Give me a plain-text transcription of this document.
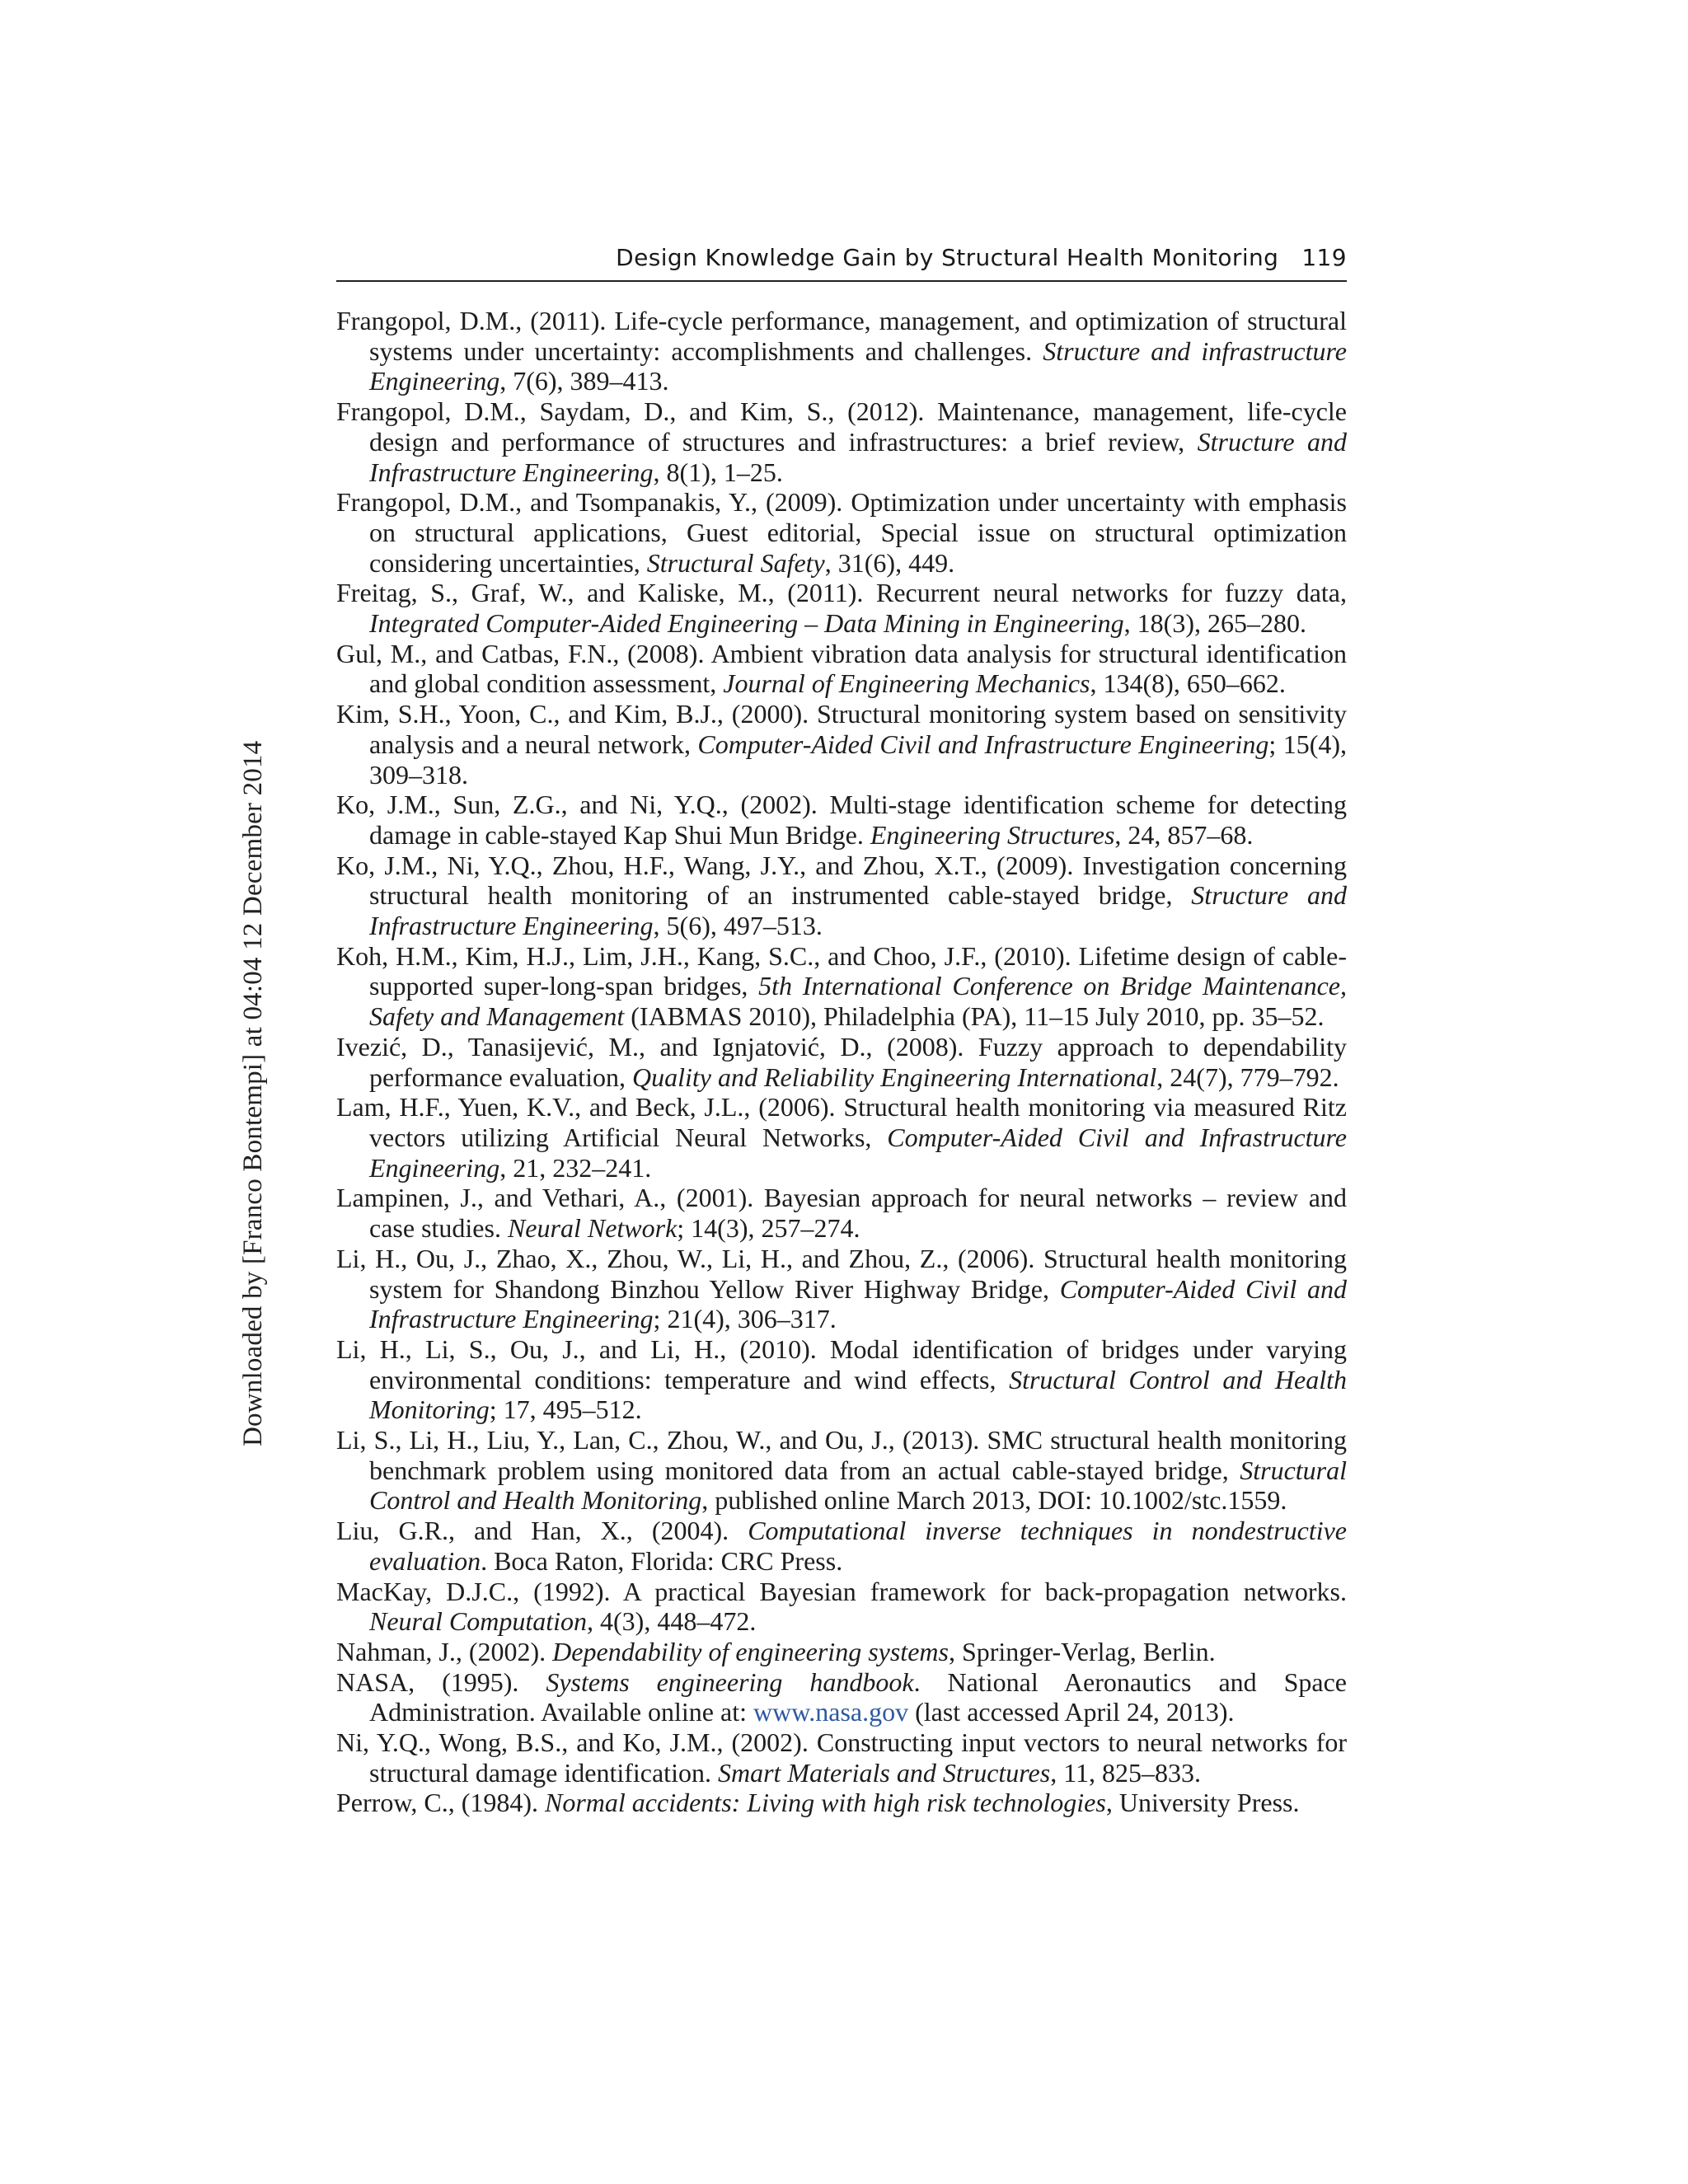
Design Knowledge Gain by Structural Health Monitoring 119
Downloaded by [Franco Bontempi] at 04:04 12 December 2014

Frangopol, D.M., (2011). Life-cycle performance, management, and optimization of structural systems under uncertainty: accomplishments and challenges. Structure and infrastructure Engineering, 7(6), 389–413.

Frangopol, D.M., Saydam, D., and Kim, S., (2012). Maintenance, management, life-cycle design and performance of structures and infrastructures: a brief review, Structure and Infrastructure Engineering, 8(1), 1–25.

Frangopol, D.M., and Tsompanakis, Y., (2009). Optimization under uncertainty with emphasis on structural applications, Guest editorial, Special issue on structural optimization considering uncertainties, Structural Safety, 31(6), 449.

Freitag, S., Graf, W., and Kaliske, M., (2011). Recurrent neural networks for fuzzy data, Integrated Computer-Aided Engineering – Data Mining in Engineering, 18(3), 265–280.

Gul, M., and Catbas, F.N., (2008). Ambient vibration data analysis for structural identification and global condition assessment, Journal of Engineering Mechanics, 134(8), 650–662.

Kim, S.H., Yoon, C., and Kim, B.J., (2000). Structural monitoring system based on sensitivity analysis and a neural network, Computer-Aided Civil and Infrastructure Engineering; 15(4), 309–318.

Ko, J.M., Sun, Z.G., and Ni, Y.Q., (2002). Multi-stage identification scheme for detecting damage in cable-stayed Kap Shui Mun Bridge. Engineering Structures, 24, 857–68.

Ko, J.M., Ni, Y.Q., Zhou, H.F., Wang, J.Y., and Zhou, X.T., (2009). Investigation concerning structural health monitoring of an instrumented cable-stayed bridge, Structure and Infrastructure Engineering, 5(6), 497–513.

Koh, H.M., Kim, H.J., Lim, J.H., Kang, S.C., and Choo, J.F., (2010). Lifetime design of cable-supported super-long-span bridges, 5th International Conference on Bridge Maintenance, Safety and Management (IABMAS 2010), Philadelphia (PA), 11–15 July 2010, pp. 35–52.

Ivezić, D., Tanasijević, M., and Ignjatović, D., (2008). Fuzzy approach to dependability performance evaluation, Quality and Reliability Engineering International, 24(7), 779–792.

Lam, H.F., Yuen, K.V., and Beck, J.L., (2006). Structural health monitoring via measured Ritz vectors utilizing Artificial Neural Networks, Computer-Aided Civil and Infrastructure Engineering, 21, 232–241.

Lampinen, J., and Vethari, A., (2001). Bayesian approach for neural networks – review and case studies. Neural Network; 14(3), 257–274.

Li, H., Ou, J., Zhao, X., Zhou, W., Li, H., and Zhou, Z., (2006). Structural health monitoring system for Shandong Binzhou Yellow River Highway Bridge, Computer-Aided Civil and Infrastructure Engineering; 21(4), 306–317.

Li, H., Li, S., Ou, J., and Li, H., (2010). Modal identification of bridges under varying environmental conditions: temperature and wind effects, Structural Control and Health Monitoring; 17, 495–512.

Li, S., Li, H., Liu, Y., Lan, C., Zhou, W., and Ou, J., (2013). SMC structural health monitoring benchmark problem using monitored data from an actual cable-stayed bridge, Structural Control and Health Monitoring, published online March 2013, DOI: 10.1002/stc.1559.

Liu, G.R., and Han, X., (2004). Computational inverse techniques in nondestructive evaluation. Boca Raton, Florida: CRC Press.

MacKay, D.J.C., (1992). A practical Bayesian framework for back-propagation networks. Neural Computation, 4(3), 448–472.

Nahman, J., (2002). Dependability of engineering systems, Springer-Verlag, Berlin.

NASA, (1995). Systems engineering handbook. National Aeronautics and Space Administration. Available online at: www.nasa.gov (last accessed April 24, 2013).

Ni, Y.Q., Wong, B.S., and Ko, J.M., (2002). Constructing input vectors to neural networks for structural damage identification. Smart Materials and Structures, 11, 825–833.

Perrow, C., (1984). Normal accidents: Living with high risk technologies, University Press.
